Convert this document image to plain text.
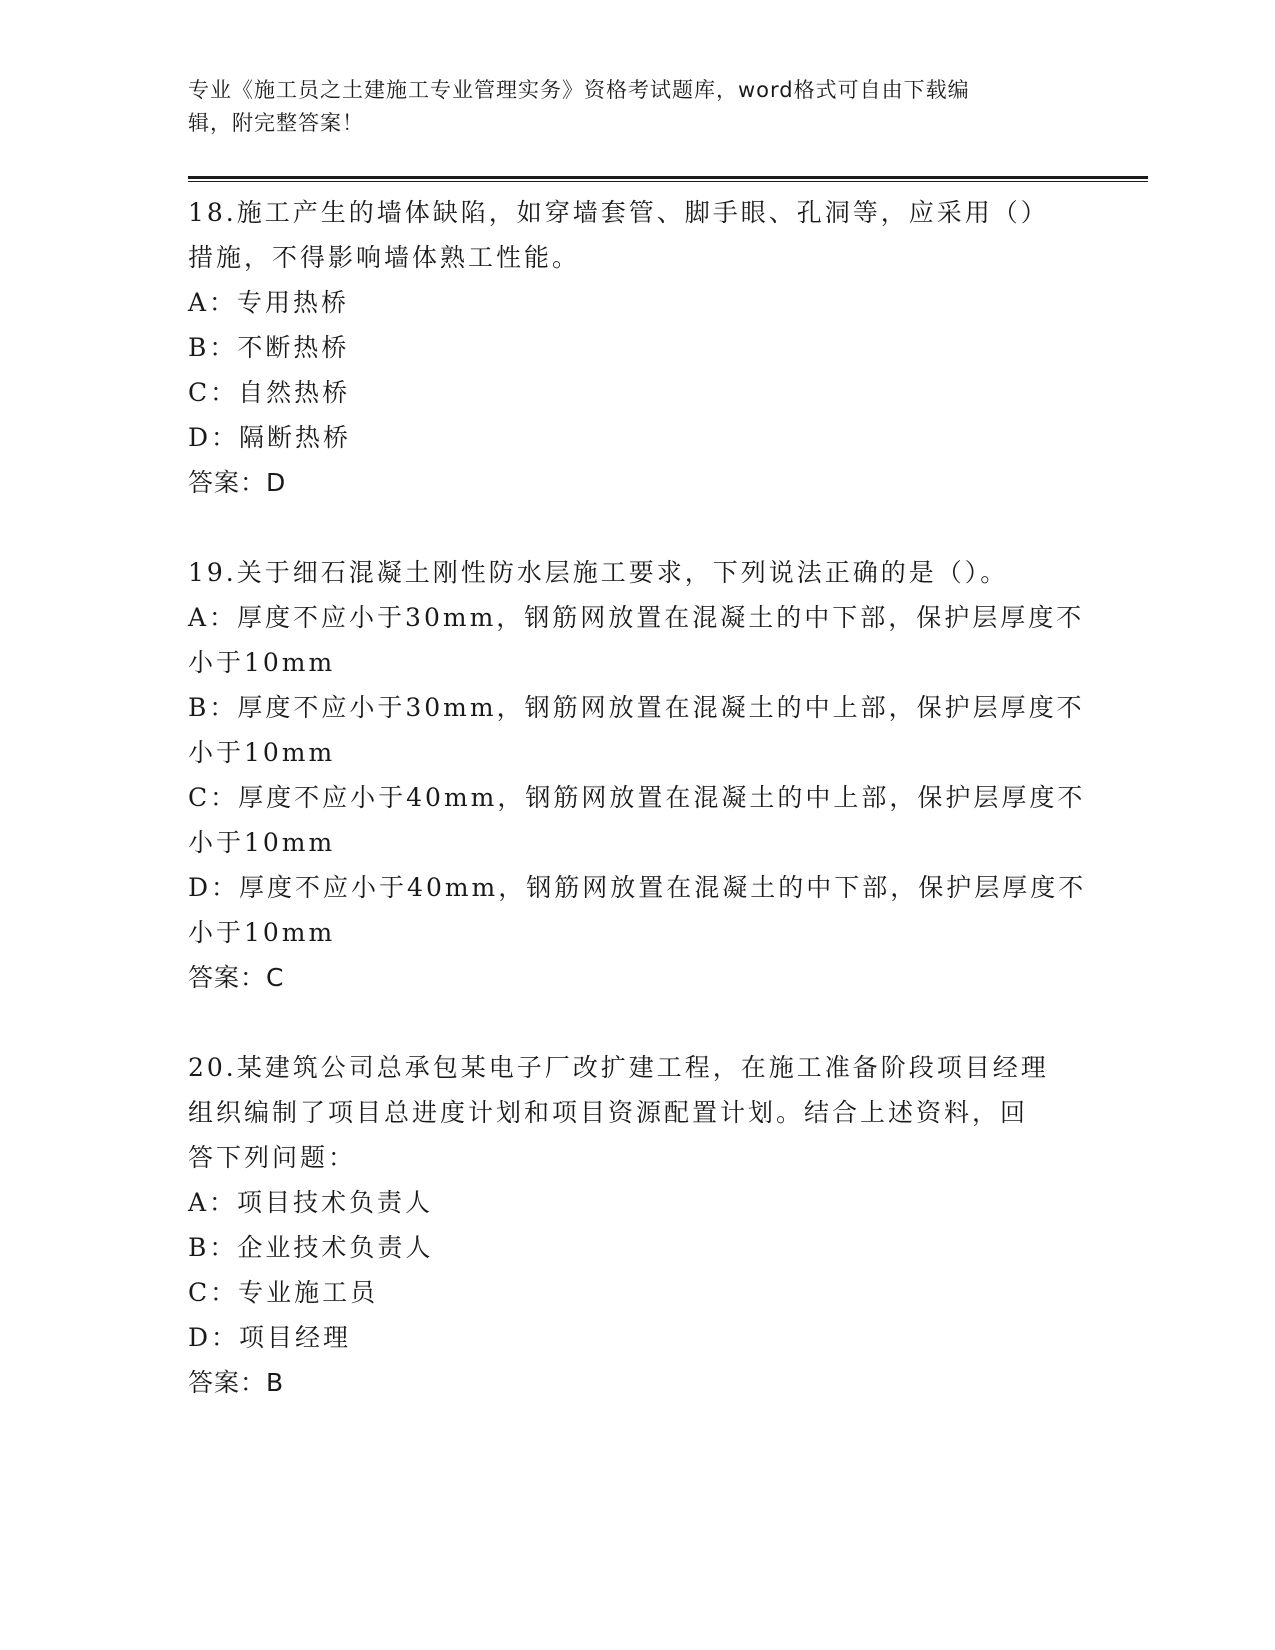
专业《施工员之土建施工专业管理实务》资格考试题库，word格式可自由下载编
辑，附完整答案！
18.施工产生的墙体缺陷，如穿墙套管、脚手眼、孔洞等，应采用（）
措施，不得影响墙体熟工性能。
A：专用热桥
B：不断热桥
C：自然热桥
D：隔断热桥
答案：D
19.关于细石混凝土刚性防水层施工要求，下列说法正确的是（）。
A：厚度不应小于30mm，钢筋网放置在混凝土的中下部，保护层厚度不
小于10mm
B：厚度不应小于30mm，钢筋网放置在混凝土的中上部，保护层厚度不
小于10mm
C：厚度不应小于40mm，钢筋网放置在混凝土的中上部，保护层厚度不
小于10mm
D：厚度不应小于40mm，钢筋网放置在混凝土的中下部，保护层厚度不
小于10mm
答案：C
20.某建筑公司总承包某电子厂改扩建工程，在施工准备阶段项目经理
组织编制了项目总进度计划和项目资源配置计划。结合上述资料，回
答下列问题：
A：项目技术负责人
B：企业技术负责人
C：专业施工员
D：项目经理
答案：B
